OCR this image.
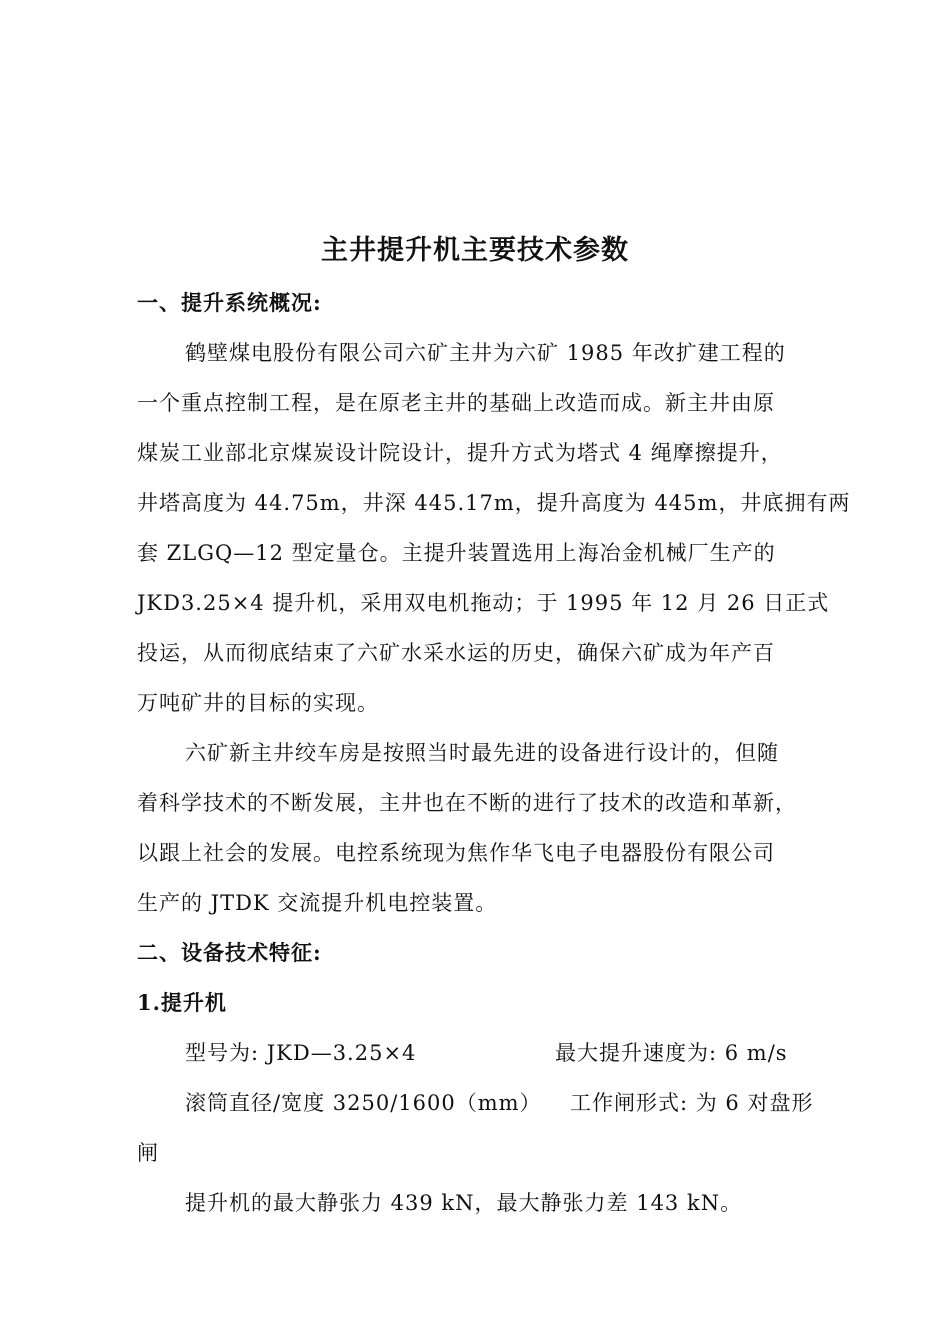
主井提升机主要技术参数
一、提升系统概况:
鹤壁煤电股份有限公司六矿主井为六矿 1985 年改扩建工程的
一个重点控制工程，是在原老主井的基础上改造而成。新主井由原
煤炭工业部北京煤炭设计院设计，提升方式为塔式 4 绳摩擦提升，
井塔高度为 44.75m，井深 445.17m，提升高度为 445m，井底拥有两
套 ZLGQ—12 型定量仓。主提升装置选用上海冶金机械厂生产的
JKD3.25×4 提升机，采用双电机拖动；于 1995 年 12 月 26 日正式
投运，从而彻底结束了六矿水采水运的历史，确保六矿成为年产百
万吨矿井的目标的实现。
六矿新主井绞车房是按照当时最先进的设备进行设计的，但随
着科学技术的不断发展，主井也在不断的进行了技术的改造和革新，
以跟上社会的发展。电控系统现为焦作华飞电子电器股份有限公司
生产的 JTDK 交流提升机电控装置。
二、设备技术特征:
1.提升机
型号为: JKD—3.25×4	最大提升速度为: 6 m/s
滚筒直径/宽度 3250/1600（mm） 工作闸形式: 为 6 对盘形
闸
提升机的最大静张力 439 kN，最大静张力差 143 kN。
